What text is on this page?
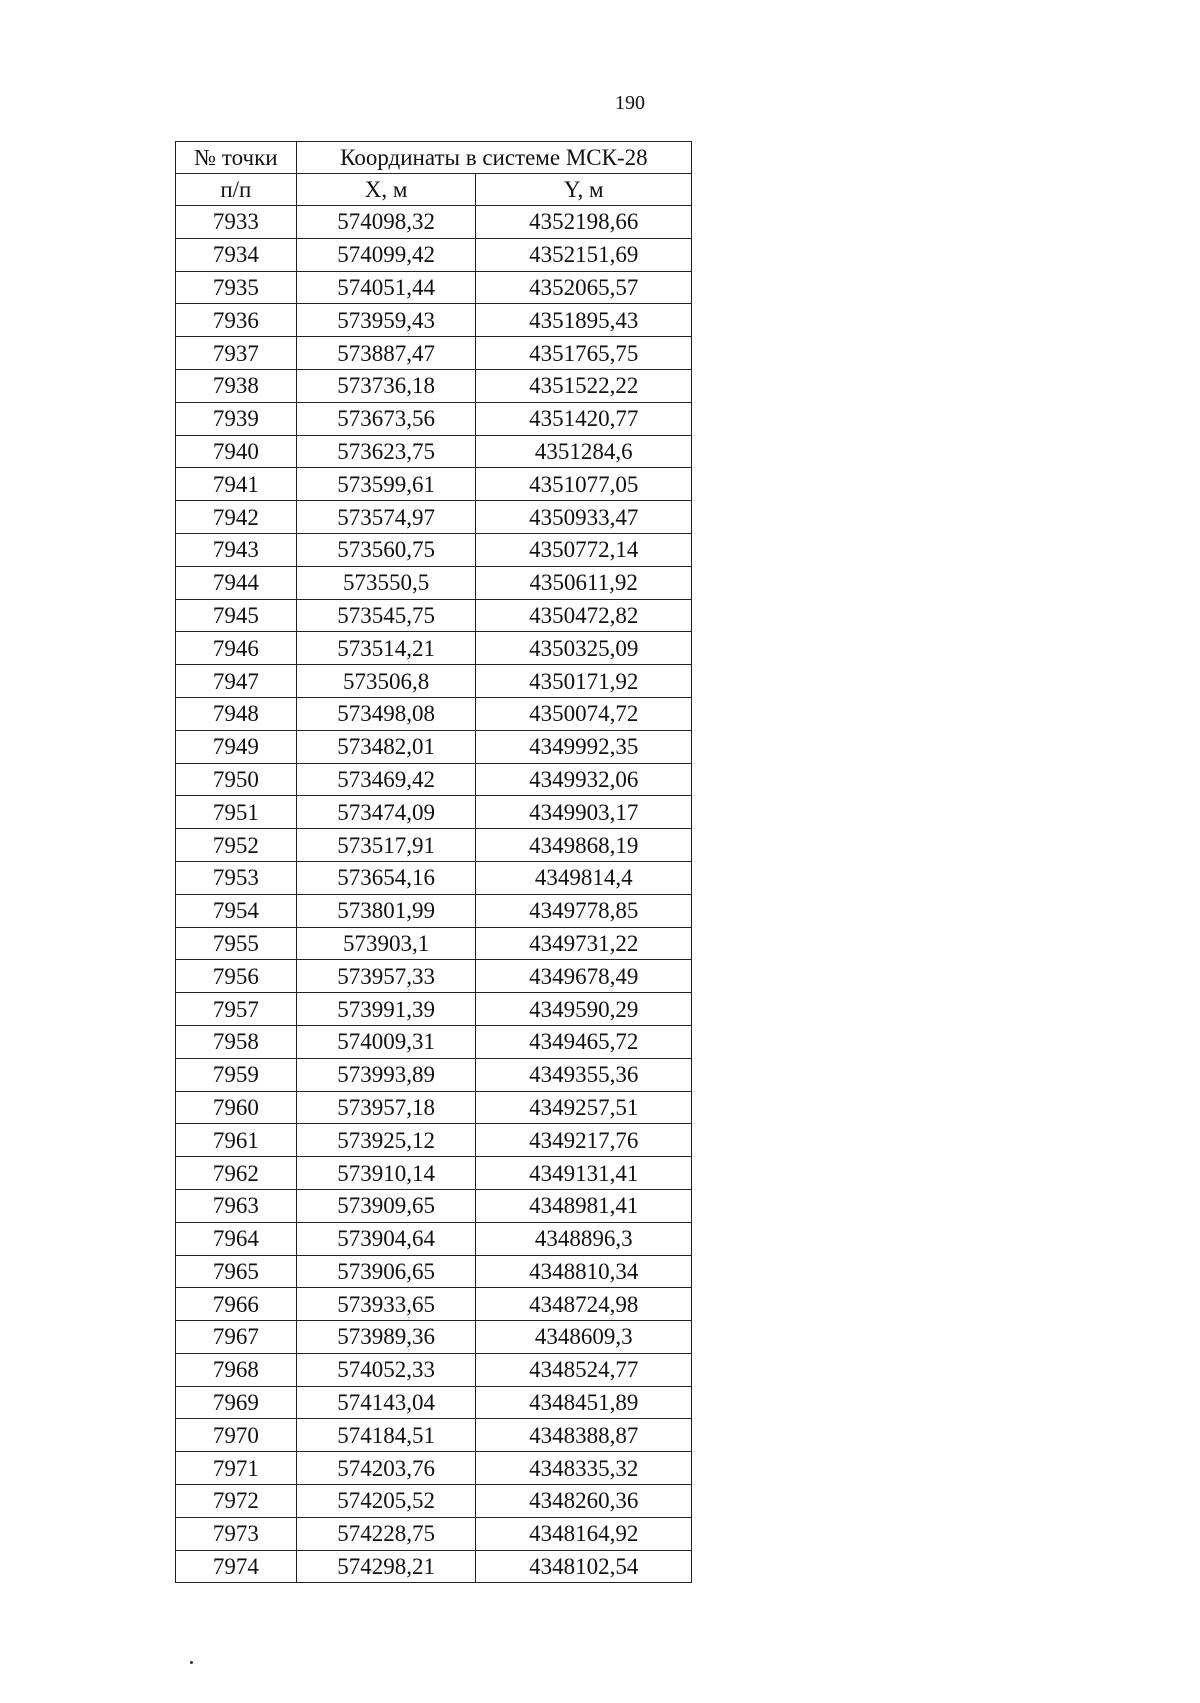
190
№ точки	Координаты в системе МСК-28	
п/п	X, м	Y, м
7933	574098,32	4352198,66
7934	574099,42	4352151,69
7935	574051,44	4352065,57
7936	573959,43	4351895,43
7937	573887,47	4351765,75
7938	573736,18	4351522,22
7939	573673,56	4351420,77
7940	573623,75	4351284,6
7941	573599,61	4351077,05
7942	573574,97	4350933,47
7943	573560,75	4350772,14
7944	573550,5	4350611,92
7945	573545,75	4350472,82
7946	573514,21	4350325,09
7947	573506,8	4350171,92
7948	573498,08	4350074,72
7949	573482,01	4349992,35
7950	573469,42	4349932,06
7951	573474,09	4349903,17
7952	573517,91	4349868,19
7953	573654,16	4349814,4
7954	573801,99	4349778,85
7955	573903,1	4349731,22
7956	573957,33	4349678,49
7957	573991,39	4349590,29
7958	574009,31	4349465,72
7959	573993,89	4349355,36
7960	573957,18	4349257,51
7961	573925,12	4349217,76
7962	573910,14	4349131,41
7963	573909,65	4348981,41
7964	573904,64	4348896,3
7965	573906,65	4348810,34
7966	573933,65	4348724,98
7967	573989,36	4348609,3
7968	574052,33	4348524,77
7969	574143,04	4348451,89
7970	574184,51	4348388,87
7971	574203,76	4348335,32
7972	574205,52	4348260,36
7973	574228,75	4348164,92
7974	574298,21	4348102,54
